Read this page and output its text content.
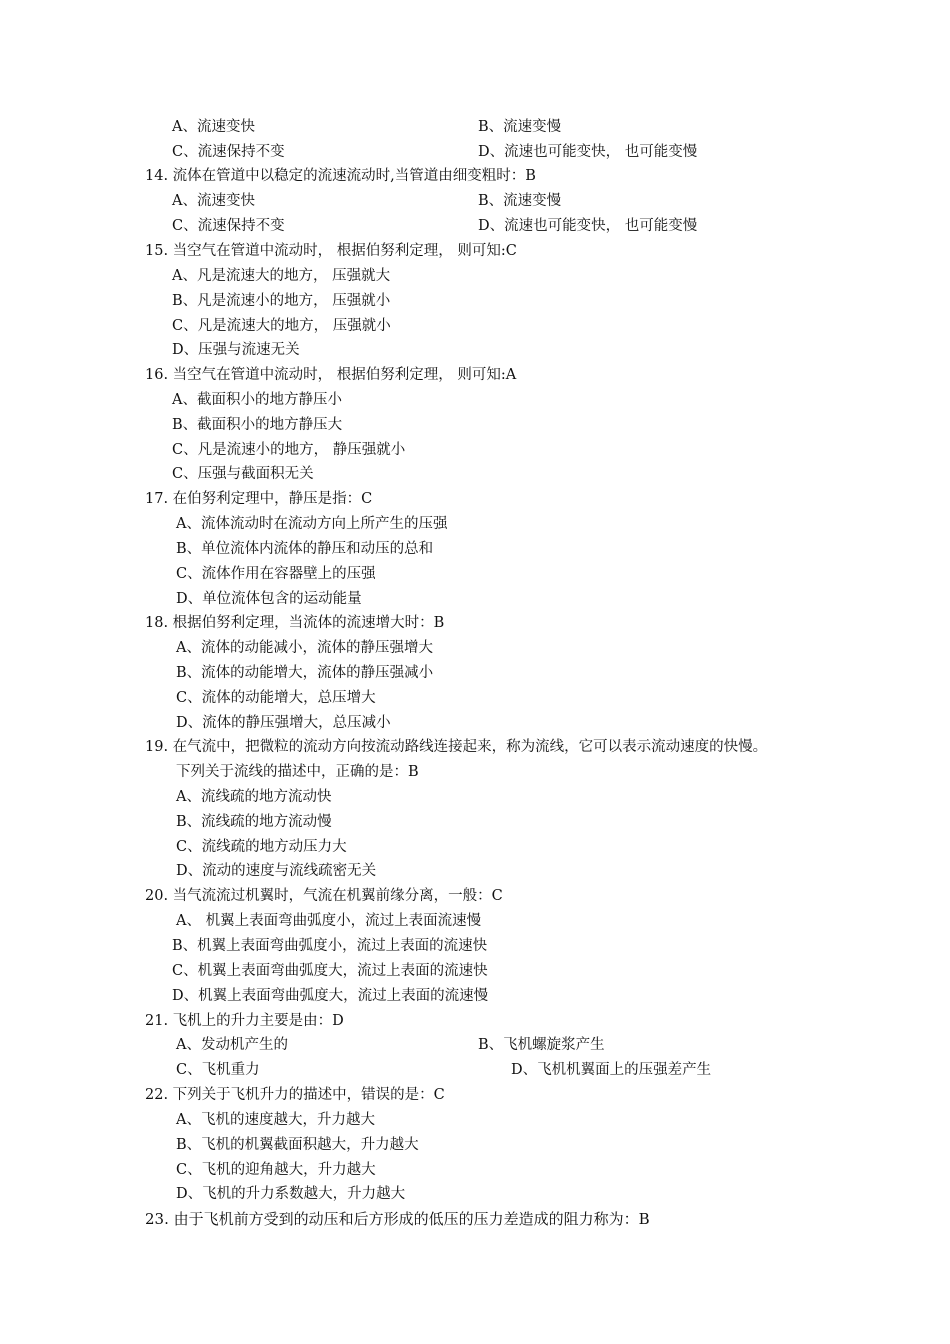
A、流速变快	B、流速变慢
C、流速保持不变	D、流速也可能变快， 也可能变慢
14. 流体在管道中以稳定的流速流动时,当管道由细变粗时：B
A、流速变快	B、流速变慢
C、流速保持不变	D、流速也可能变快， 也可能变慢
15. 当空气在管道中流动时， 根据伯努利定理， 则可知:C
A、凡是流速大的地方， 压强就大
B、凡是流速小的地方， 压强就小
C、凡是流速大的地方， 压强就小
D、压强与流速无关
16. 当空气在管道中流动时， 根据伯努利定理， 则可知:A
A、截面积小的地方静压小
B、截面积小的地方静压大
C、凡是流速小的地方， 静压强就小
C、压强与截面积无关
17. 在伯努利定理中，静压是指：C
A、流体流动时在流动方向上所产生的压强
B、单位流体内流体的静压和动压的总和
C、流体作用在容器壁上的压强
D、单位流体包含的运动能量
18. 根据伯努利定理，当流体的流速增大时：B
A、流体的动能减小，流体的静压强增大
B、流体的动能增大，流体的静压强减小
C、流体的动能增大，总压增大
D、流体的静压强增大，总压减小
19. 在气流中，把微粒的流动方向按流动路线连接起来，称为流线，它可以表示流动速度的快慢。
下列关于流线的描述中，正确的是：B
A、流线疏的地方流动快
B、流线疏的地方流动慢
C、流线疏的地方动压力大
D、流动的速度与流线疏密无关
20. 当气流流过机翼时，气流在机翼前缘分离，一般：C
A、 机翼上表面弯曲弧度小，流过上表面流速慢
B、机翼上表面弯曲弧度小，流过上表面的流速快
C、机翼上表面弯曲弧度大，流过上表面的流速快
D、机翼上表面弯曲弧度大，流过上表面的流速慢
21. 飞机上的升力主要是由：D
A、发动机产生的	B、飞机螺旋浆产生
C、飞机重力	D、飞机机翼面上的压强差产生
22. 下列关于飞机升力的描述中，错误的是：C
A、飞机的速度越大，升力越大
B、飞机的机翼截面积越大，升力越大
C、飞机的迎角越大，升力越大
D、飞机的升力系数越大，升力越大
23. 由于飞机前方受到的动压和后方形成的低压的压力差造成的阻力称为：B
